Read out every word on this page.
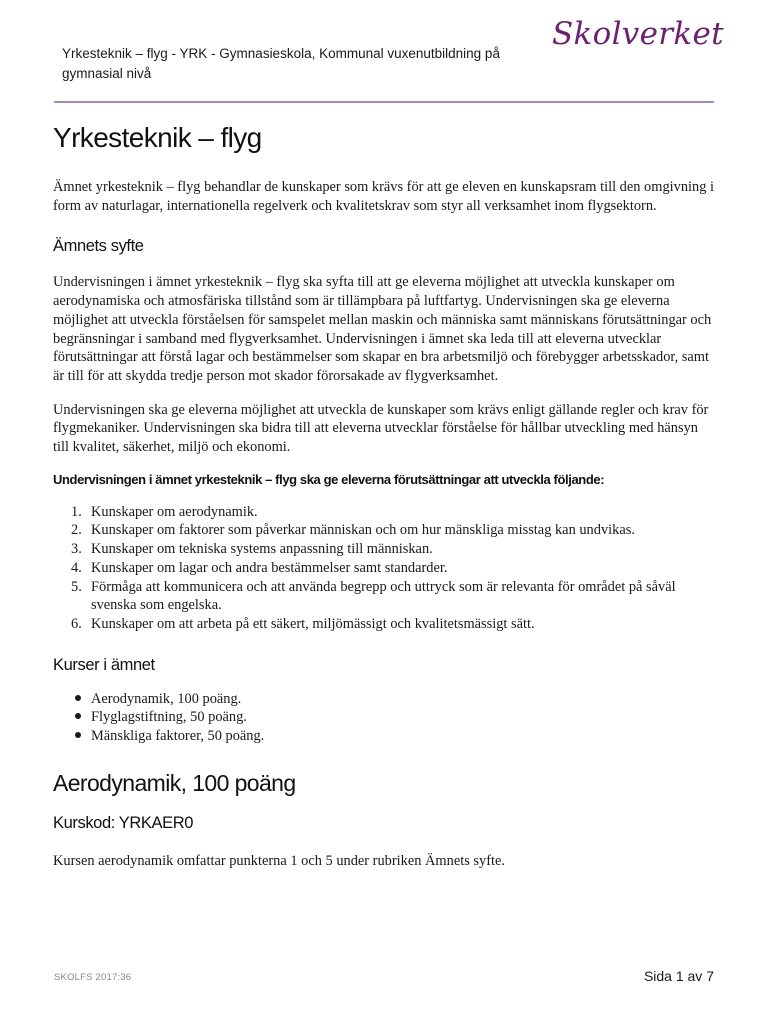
Yrkesteknik – flyg - YRK - Gymnasieskola, Kommunal vuxenutbildning på gymnasial nivå
Skolverket
Yrkesteknik – flyg

Ämnet yrkesteknik – flyg behandlar de kunskaper som krävs för att ge eleven en kunskapsram till den omgivning i form av naturlagar, internationella regelverk och kvalitetskrav som styr all verksamhet inom flygsektorn.

Ämnets syfte

Undervisningen i ämnet yrkesteknik – flyg ska syfta till att ge eleverna möjlighet att utveckla kunskaper om aerodynamiska och atmosfäriska tillstånd som är tillämpbara på luftfartyg. Undervisningen ska ge eleverna möjlighet att utveckla förståelsen för samspelet mellan maskin och människa samt människans förutsättningar och begränsningar i samband med flygverksamhet. Undervisningen i ämnet ska leda till att eleverna utvecklar förutsättningar att förstå lagar och bestämmelser som skapar en bra arbetsmiljö och förebygger arbetsskador, samt är till för att skydda tredje person mot skador förorsakade av flygverksamhet.

Undervisningen ska ge eleverna möjlighet att utveckla de kunskaper som krävs enligt gällande regler och krav för flygmekaniker. Undervisningen ska bidra till att eleverna utvecklar förståelse för hållbar utveckling med hänsyn till kvalitet, säkerhet, miljö och ekonomi.

Undervisningen i ämnet yrkesteknik – flyg ska ge eleverna förutsättningar att utveckla följande:
1. Kunskaper om aerodynamik.
2. Kunskaper om faktorer som påverkar människan och om hur mänskliga misstag kan undvikas.
3. Kunskaper om tekniska systems anpassning till människan.
4. Kunskaper om lagar och andra bestämmelser samt standarder.
5. Förmåga att kommunicera och att använda begrepp och uttryck som är relevanta för området på såväl svenska som engelska.
6. Kunskaper om att arbeta på ett säkert, miljömässigt och kvalitetsmässigt sätt.
Kurser i ämnet
Aerodynamik, 100 poäng.
Flyglagstiftning, 50 poäng.
Mänskliga faktorer, 50 poäng.
Aerodynamik, 100 poäng
Kurskod: YRKAER0

Kursen aerodynamik omfattar punkterna 1 och 5 under rubriken Ämnets syfte.

SKOLFS 2017:36	Sida 1 av 7
